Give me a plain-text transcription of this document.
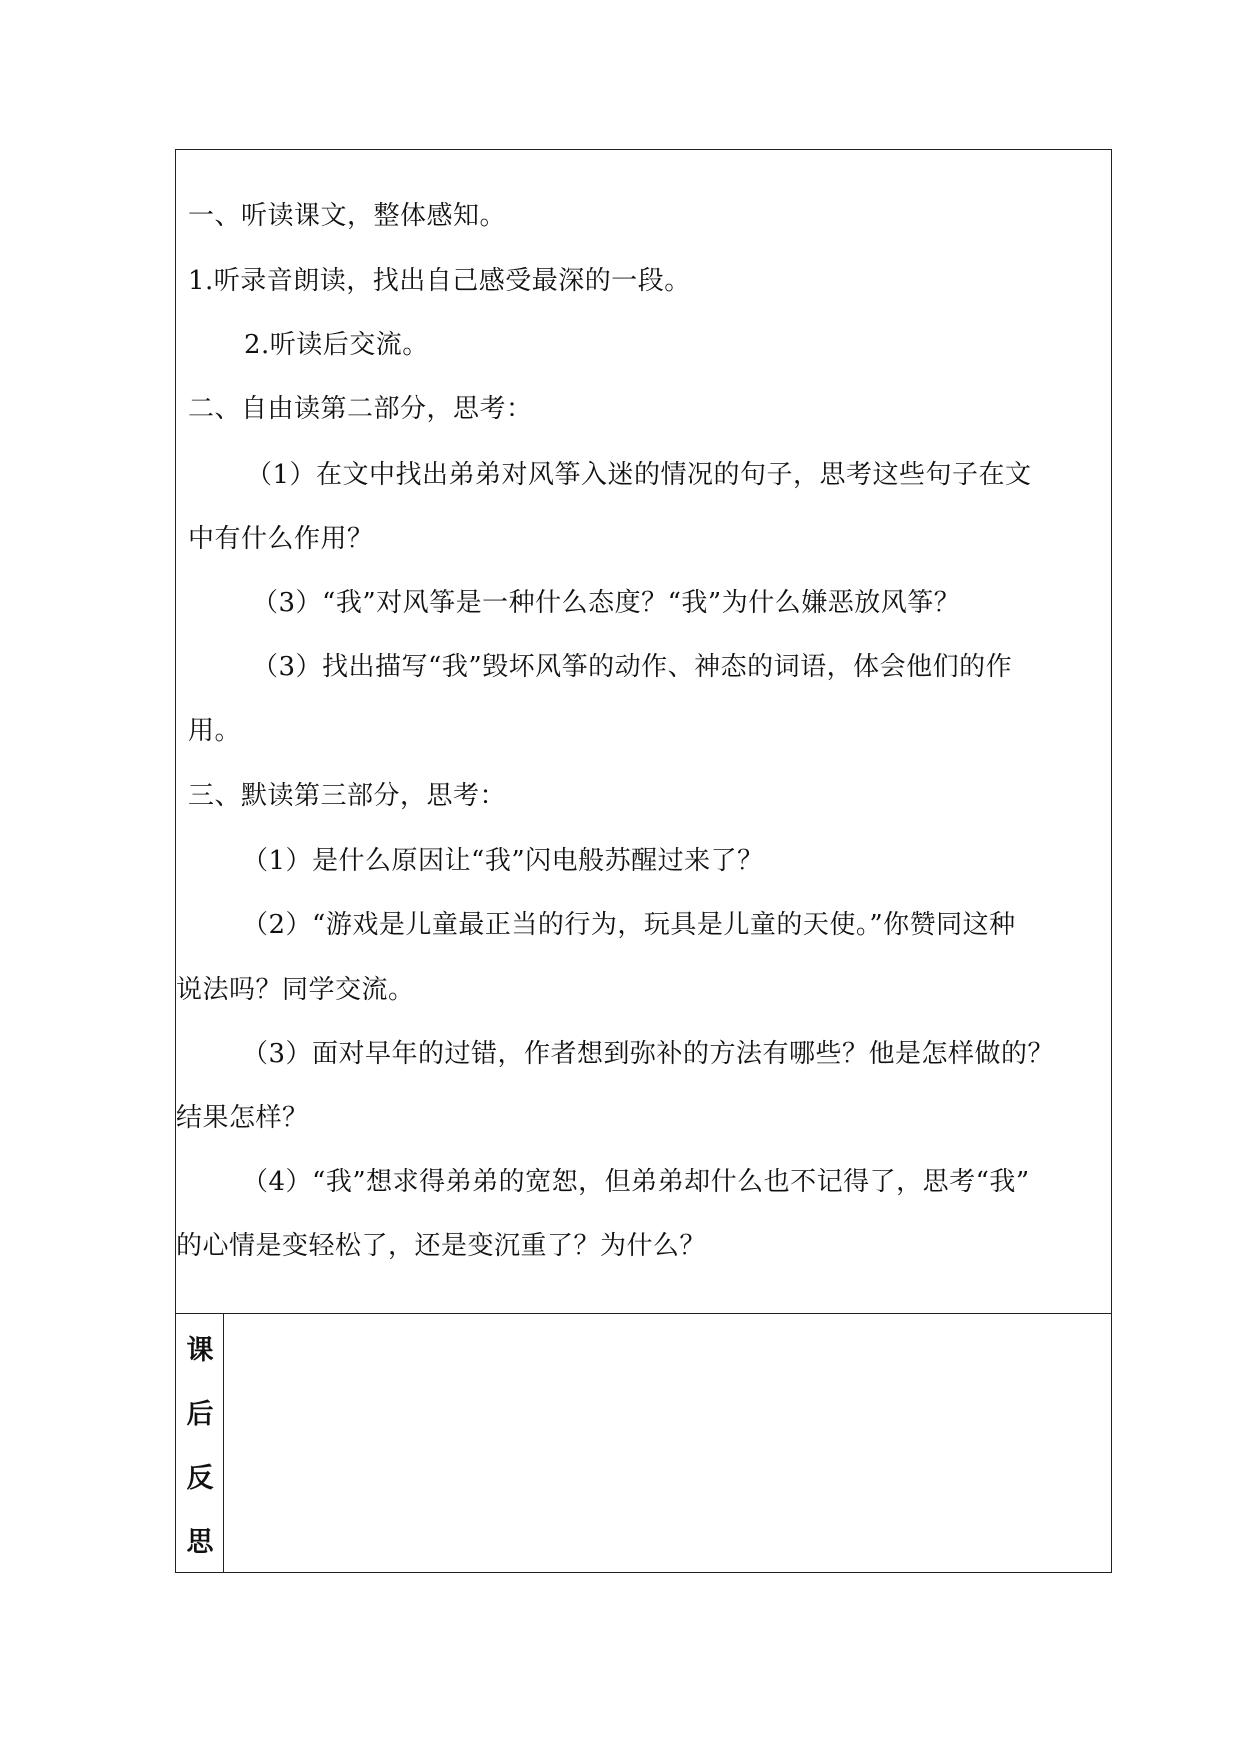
一、听读课文，整体感知。
1.听录音朗读，找出自己感受最深的一段。
2.听读后交流。
二、自由读第二部分，思考：
（1）在文中找出弟弟对风筝入迷的情况的句子，思考这些句子在文
中有什么作用？
（3）“我”对风筝是一种什么态度？“我”为什么嫌恶放风筝？
（3）找出描写“我”毁坏风筝的动作、神态的词语，体会他们的作
用。
三、默读第三部分，思考：
（1）是什么原因让“我”闪电般苏醒过来了？
（2）“游戏是儿童最正当的行为，玩具是儿童的天使。”你赞同这种
说法吗？同学交流。
（3）面对早年的过错，作者想到弥补的方法有哪些？他是怎样做的？
结果怎样？
（4）“我”想求得弟弟的宽恕，但弟弟却什么也不记得了，思考“我”
的心情是变轻松了，还是变沉重了？为什么？
课
后
反
思
